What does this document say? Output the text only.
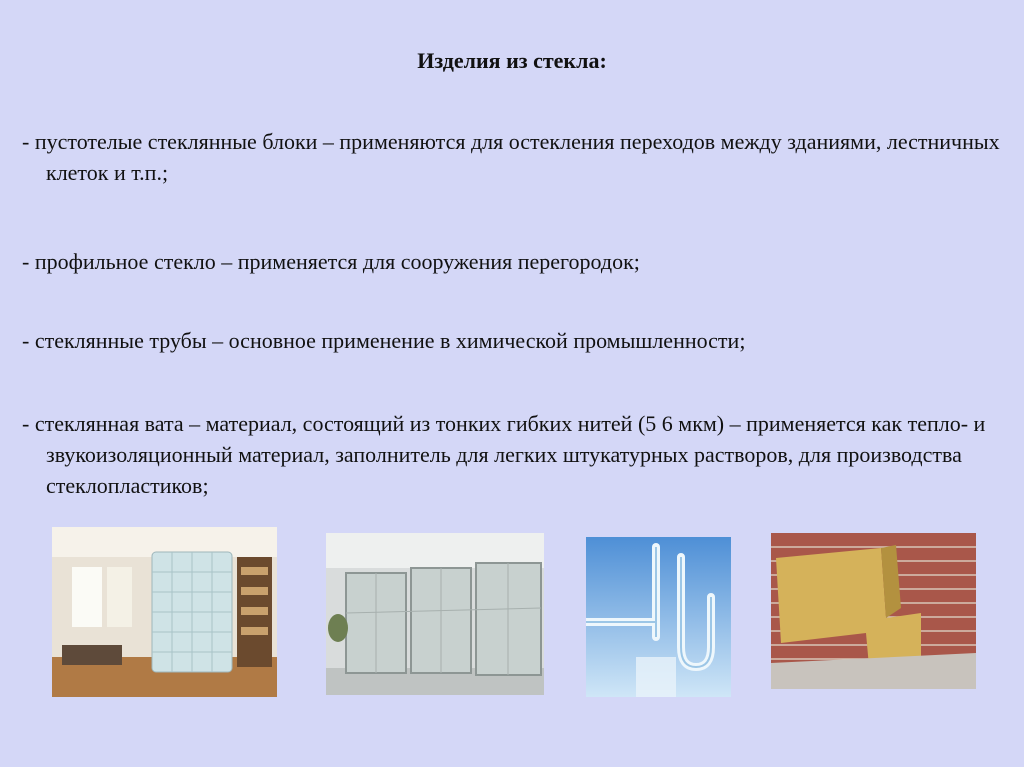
Изделия из стекла:

- пустотелые стеклянные блоки – применяются для остекления переходов между зданиями, лестничных клеток и т.п.;

- профильное стекло – применяется для сооружения перегородок;

- стеклянные трубы – основное применение в химической промышленности;

- стеклянная вата – материал, состоящий из тонких гибких нитей (5 6 мкм) – применяется как тепло- и звукоизоляционный материал, заполнитель для легких штукатурных растворов, для производства стеклопластиков;
